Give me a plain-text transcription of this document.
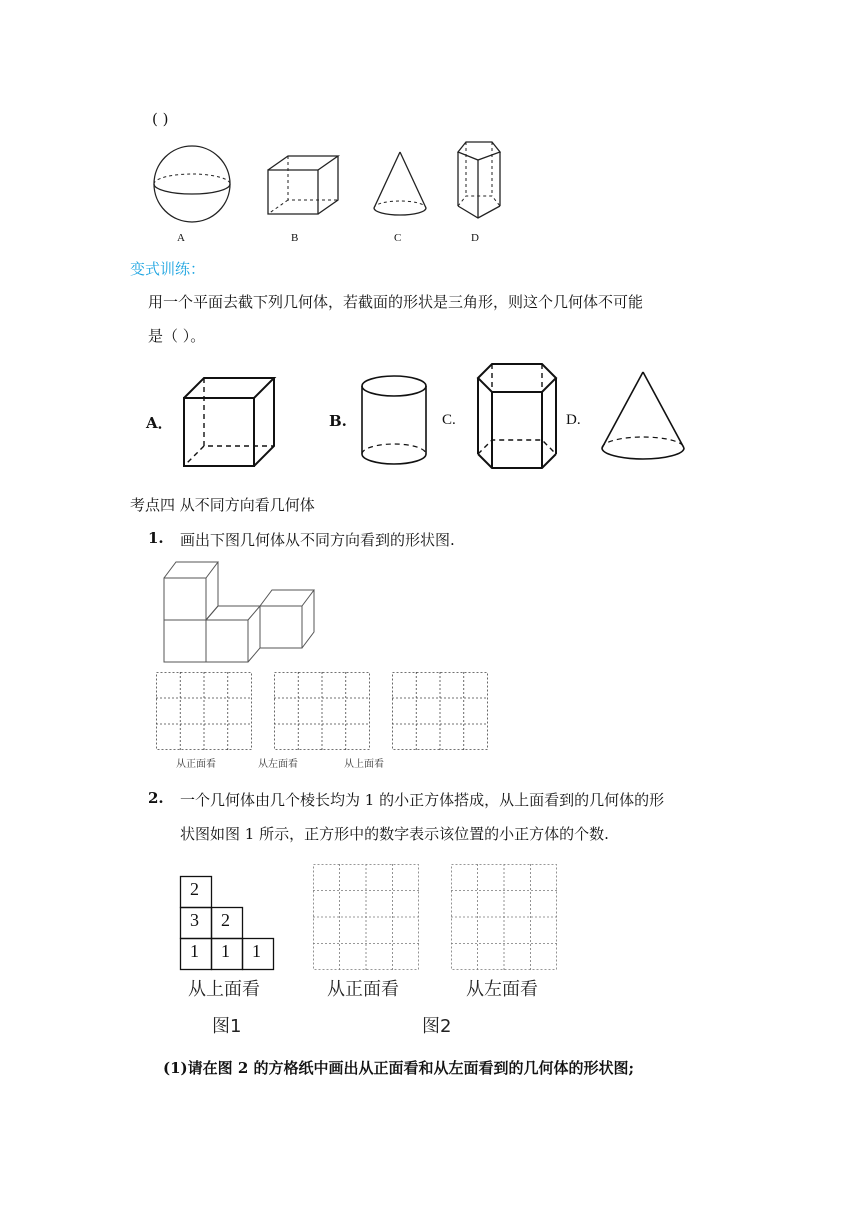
( )
A	B	C	D
变式训练：
用一个平面去截下列几何体，若截面的形状是三角形，则这个几何体不可能
是（ ）。
A．	B.	C.	D.
考点四 从不同方向看几何体
1. 画出下图几何体从不同方向看到的形状图.
从正面看	从左面看	从上面看
2. 一个几何体由几个棱长均为 1 的小正方体搭成，从上面看到的几何体的形
状图如图 1 所示，正方形中的数字表示该位置的小正方体的个数.
2
3 2
1 1 1
从上面看	从正面看	从左面看
图1	图2
(1)请在图 2 的方格纸中画出从正面看和从左面看到的几何体的形状图;
